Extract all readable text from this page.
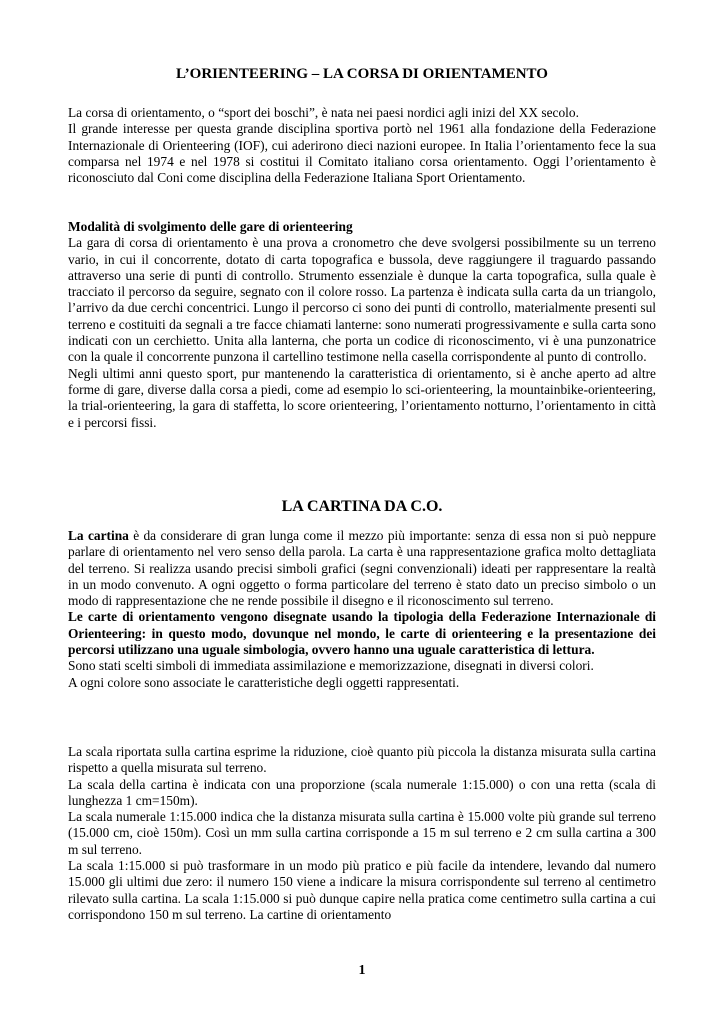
L’ORIENTEERING – LA CORSA DI ORIENTAMENTO

La corsa di orientamento, o “sport dei boschi”, è nata nei paesi nordici agli inizi del XX secolo.

Il grande interesse per questa grande disciplina sportiva portò nel 1961 alla fondazione della Federazione Internazionale di Orienteering (IOF), cui aderirono dieci nazioni europee. In Italia l’orientamento fece la sua comparsa nel 1974 e nel 1978 si costitui il Comitato italiano corsa orientamento. Oggi l’orientamento è riconosciuto dal Coni come disciplina della Federazione Italiana Sport Orientamento.

Modalità di svolgimento delle gare di orienteering

La gara di corsa di orientamento è una prova a cronometro che deve svolgersi possibilmente su un terreno vario, in cui il concorrente, dotato di carta topografica e bussola, deve raggiungere il traguardo passando attraverso una serie di punti di controllo. Strumento essenziale è dunque la carta topografica, sulla quale è tracciato il percorso da seguire, segnato con il colore rosso. La partenza è indicata sulla carta da un triangolo, l’arrivo da due cerchi concentrici. Lungo il percorso ci sono dei punti di controllo, materialmente presenti sul terreno e costituiti da segnali a tre facce chiamati lanterne: sono numerati progressivamente e sulla carta sono indicati con un cerchietto. Unita alla lanterna, che porta un codice di riconoscimento, vi è una punzonatrice con la quale il concorrente punzona il cartellino testimone nella casella corrispondente al punto di controllo.

Negli ultimi anni questo sport, pur mantenendo la caratteristica di orientamento, si è anche aperto ad altre forme di gare, diverse dalla corsa a piedi, come ad esempio lo sci-orienteering, la mountainbike-orienteering, la trial-orienteering, la gara di staffetta, lo score orienteering, l’orientamento notturno, l’orientamento in città e i percorsi fissi.

LA CARTINA DA C.O.

La cartina è da considerare di gran lunga come il mezzo più importante: senza di essa non si può neppure parlare di orientamento nel vero senso della parola. La carta è una rappresentazione grafica molto dettagliata del terreno. Si realizza usando precisi simboli grafici (segni convenzionali) ideati per rappresentare la realtà in un modo convenuto. A ogni oggetto o forma particolare del terreno è stato dato un preciso simbolo o un modo di rappresentazione che ne rende possibile il disegno e il riconoscimento sul terreno.

Le carte di orientamento vengono disegnate usando la tipologia della Federazione Internazionale di Orienteering: in questo modo, dovunque nel mondo, le carte di orienteering e la presentazione dei percorsi utilizzano una uguale simbologia, ovvero hanno una uguale caratteristica di lettura.

Sono stati scelti simboli di immediata assimilazione e memorizzazione, disegnati in diversi colori.

A ogni colore sono associate le caratteristiche degli oggetti rappresentati.

La scala riportata sulla cartina esprime la riduzione, cioè quanto più piccola la distanza misurata sulla cartina rispetto a quella misurata sul terreno.

La scala della cartina è indicata con una proporzione (scala numerale 1:15.000) o con una retta (scala di lunghezza 1 cm=150m).

La scala numerale 1:15.000 indica che la distanza misurata sulla cartina è 15.000 volte più grande sul terreno (15.000 cm, cioè 150m). Così un mm sulla cartina corrisponde a 15 m sul terreno e 2 cm sulla cartina a 300 m sul terreno.

La scala 1:15.000 si può trasformare in un modo più pratico e più facile da intendere, levando dal numero 15.000 gli ultimi due zero: il numero 150 viene a indicare la misura corrispondente sul terreno al centimetro rilevato sulla cartina. La scala 1:15.000 si può dunque capire nella pratica come centimetro sulla cartina a cui corrispondono 150 m sul terreno. La cartine di orientamento

1
